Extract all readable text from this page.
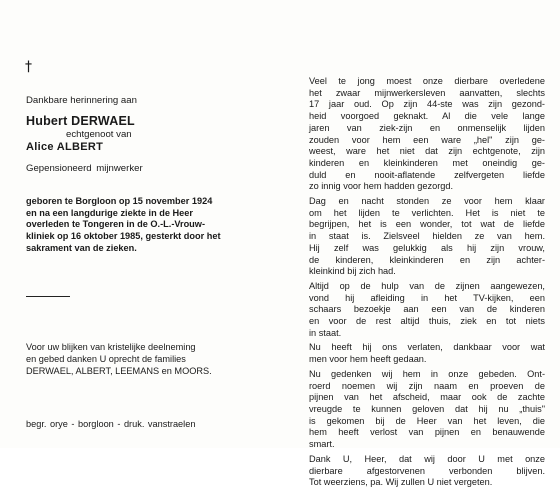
†
Dankbare herinnering aan
Hubert DERWAEL
echtgenoot van
Alice ALBERT
Gepensioneerd mijnwerker
geboren te Borgloon op 15 november 1924
en na een langdurige ziekte in de Heer
overleden te Tongeren in de O.-L.-Vrouw-
kliniek op 16 oktober 1985, gesterkt door het
sakrament van de zieken.
Voor uw blijken van kristelijke deelneming
en gebed danken U oprecht de families
DERWAEL, ALBERT, LEEMANS en MOORS.
begr. orye - borgloon - druk. vanstraelen
Veel te jong moest onze dierbare overledene
het zwaar mijnwerkersleven aanvatten, slechts
17 jaar oud. Op zijn 44-ste was zijn gezond-
heid voorgoed geknakt. Al die vele lange
jaren van ziek-zijn en onmenselijk lijden
zouden voor hem een ware „hel" zijn ge-
weest, ware het niet dat zijn echtgenote, zijn
kinderen en kleinkinderen met oneindig ge-
duld en nooit-aflatende zelfvergeten liefde
zo innig voor hem hadden gezorgd.
Dag en nacht stonden ze voor hem klaar
om het lijden te verlichten. Het is niet te
begrijpen, het is een wonder, tot wat de liefde
in staat is. Zielsveel hielden ze van hem.
Hij zelf was gelukkig als hij zijn vrouw,
de kinderen, kleinkinderen en zijn achter-
kleinkind bij zich had.
Altijd op de hulp van de zijnen aangewezen,
vond hij afleiding in het TV-kijken, een
schaars bezoekje aan een van de kinderen
en voor de rest altijd thuis, ziek en tot niets
in staat.
Nu heeft hij ons verlaten, dankbaar voor wat
men voor hem heeft gedaan.
Nu gedenken wij hem in onze gebeden. Ont-
roerd noemen wij zijn naam en proeven de
pijnen van het afscheid, maar ook de zachte
vreugde te kunnen geloven dat hij nu „thuis"
is gekomen bij de Heer van het leven, die
hem heeft verlost van pijnen en benauwende
smart.
Dank U, Heer, dat wij door U met onze
dierbare afgestorvenen verbonden blijven.
Tot weerziens, pa. Wij zullen U niet vergeten.
